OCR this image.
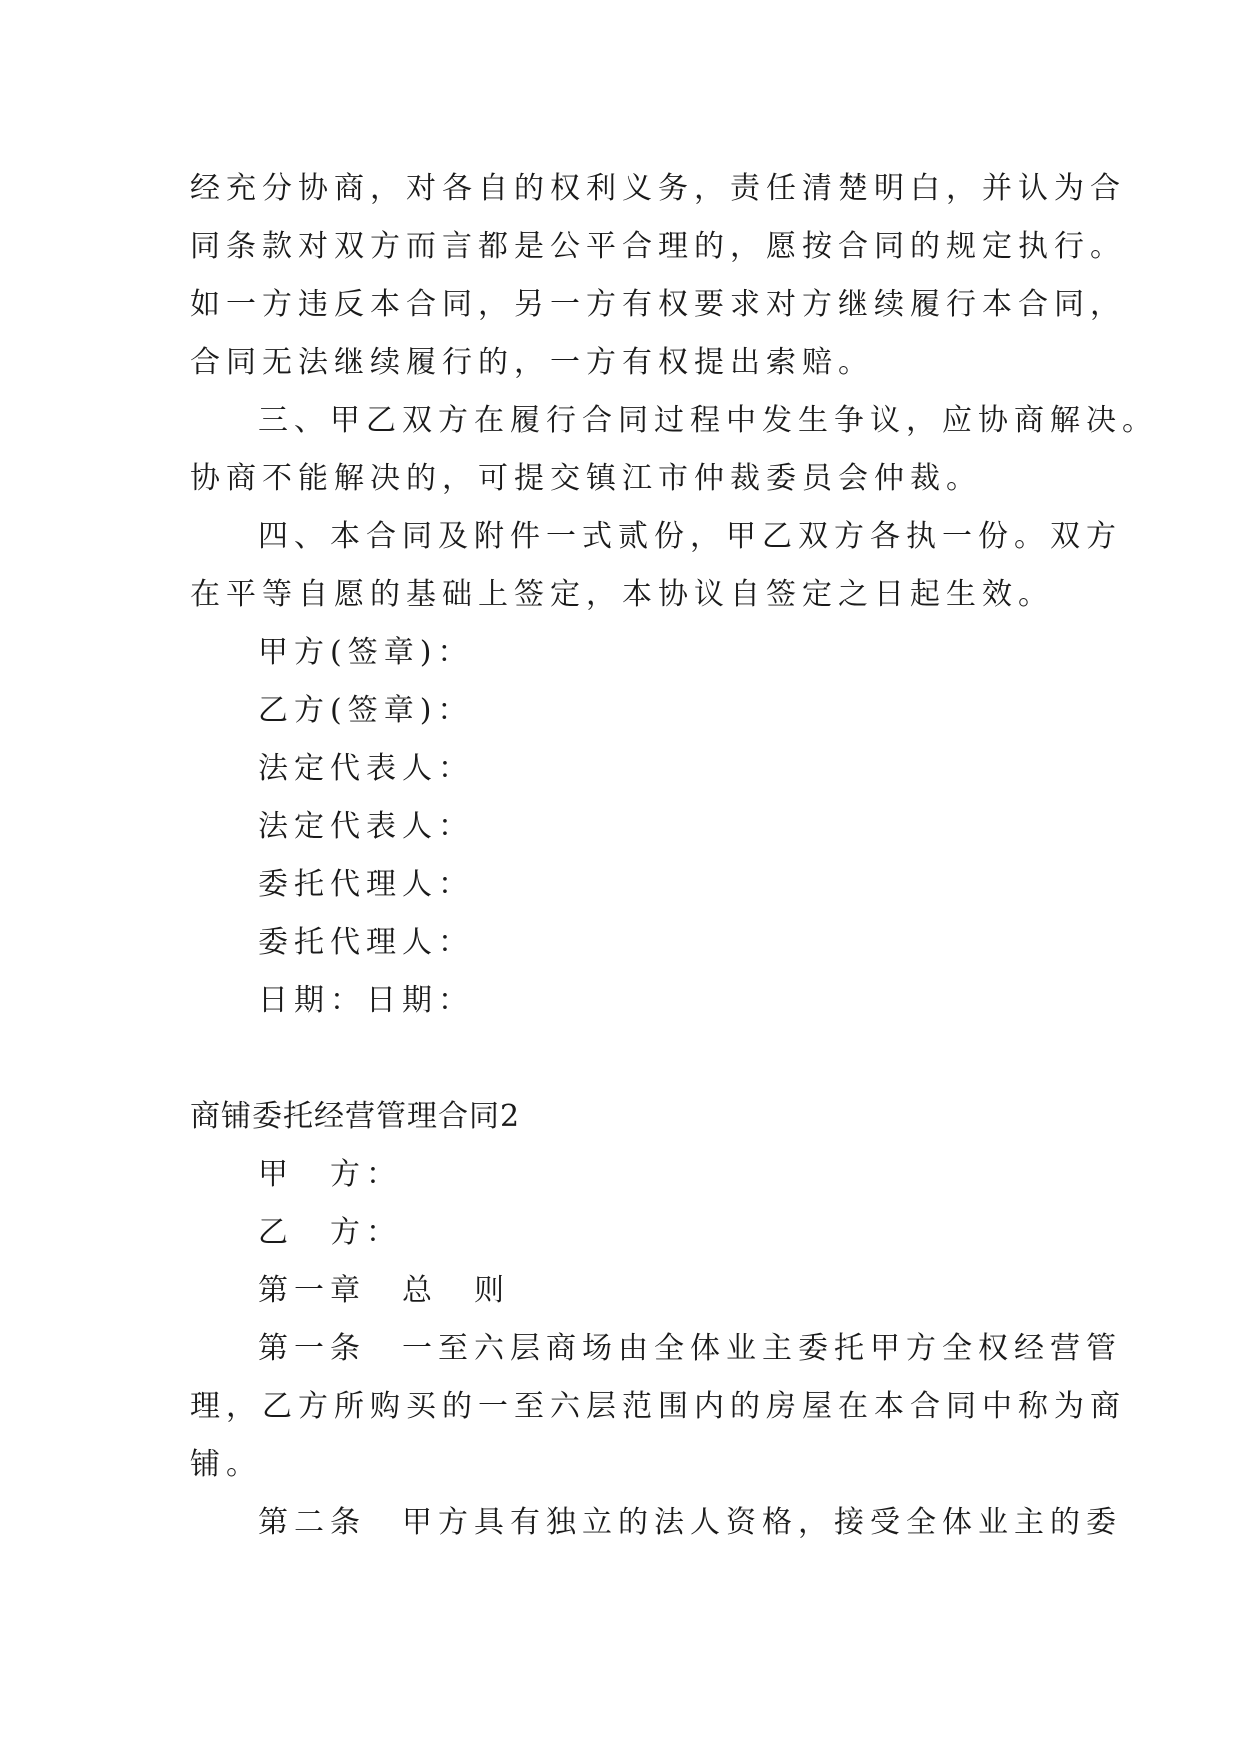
经充分协商，对各自的权利义务，责任清楚明白，并认为合
同条款对双方而言都是公平合理的，愿按合同的规定执行。
如一方违反本合同，另一方有权要求对方继续履行本合同，
合同无法继续履行的，一方有权提出索赔。
三、甲乙双方在履行合同过程中发生争议，应协商解决。
协商不能解决的，可提交镇江市仲裁委员会仲裁。
四、本合同及附件一式贰份，甲乙双方各执一份。双方
在平等自愿的基础上签定，本协议自签定之日起生效。
甲方(签章)：
乙方(签章)：
法定代表人：
法定代表人：
委托代理人：
委托代理人：
日期：日期：
商铺委托经营管理合同2
甲　方：
乙　方：
第一章　总　则
第一条　一至六层商场由全体业主委托甲方全权经营管
理，乙方所购买的一至六层范围内的房屋在本合同中称为商
铺。
第二条　甲方具有独立的法人资格，接受全体业主的委
